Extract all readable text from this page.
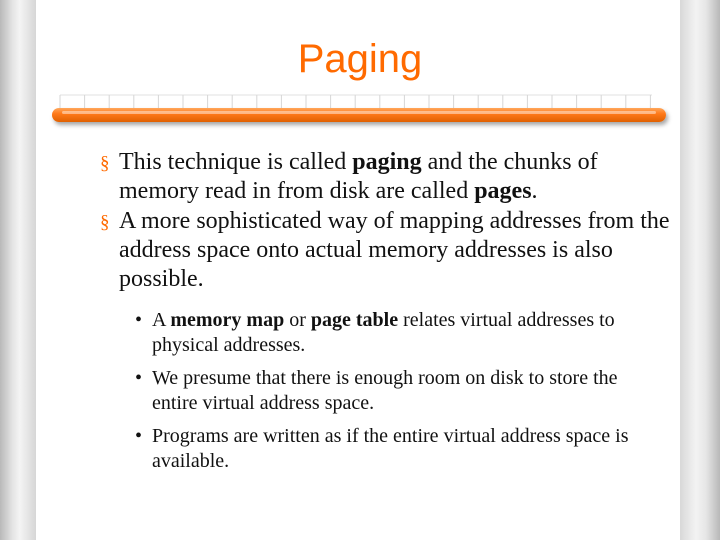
Paging
§ This technique is called paging and the chunks of memory read in from disk are called pages.
§ A more sophisticated way of mapping addresses from the address space onto actual memory addresses is also possible.
• A memory map or page table relates virtual addresses to physical addresses.
• We presume that there is enough room on disk to store the entire virtual address space.
• Programs are written as if the entire virtual address space is available.
